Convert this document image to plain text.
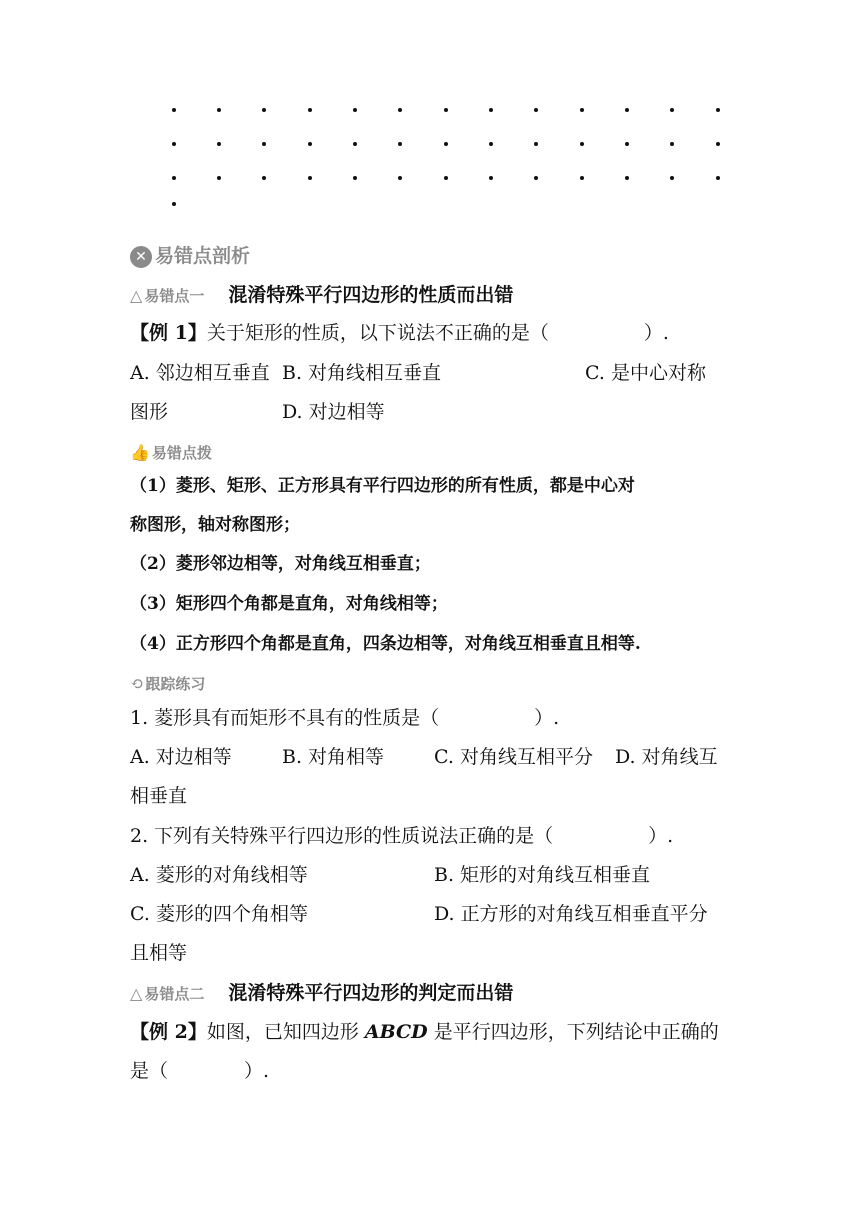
✕ 易错点剖析
△ 易错点一 混淆特殊平行四边形的性质而出错
【例 1】关于矩形的性质，以下说法不正确的是（　　　　　）.
A. 邻边相互垂直 B. 对角线相互垂直	C. 是中心对称
图形	D. 对边相等
👍 易错点拨
（1）菱形、矩形、正方形具有平行四边形的所有性质，都是中心对
称图形，轴对称图形；
（2）菱形邻边相等，对角线互相垂直；
（3）矩形四个角都是直角，对角线相等；
（4）正方形四个角都是直角，四条边相等，对角线互相垂直且相等.
⟲ 跟踪练习
1. 菱形具有而矩形不具有的性质是（　　　　　）.
A. 对边相等	B. 对角相等	C. 对角线互相平分 D. 对角线互
相垂直
2. 下列有关特殊平行四边形的性质说法正确的是（　　　　　）.
A. 菱形的对角线相等	B. 矩形的对角线互相垂直
C. 菱形的四个角相等	D. 正方形的对角线互相垂直平分
且相等
△ 易错点二 混淆特殊平行四边形的判定而出错
【例 2】如图，已知四边形 ABCD 是平行四边形，下列结论中正确的
是（　　　　）.
